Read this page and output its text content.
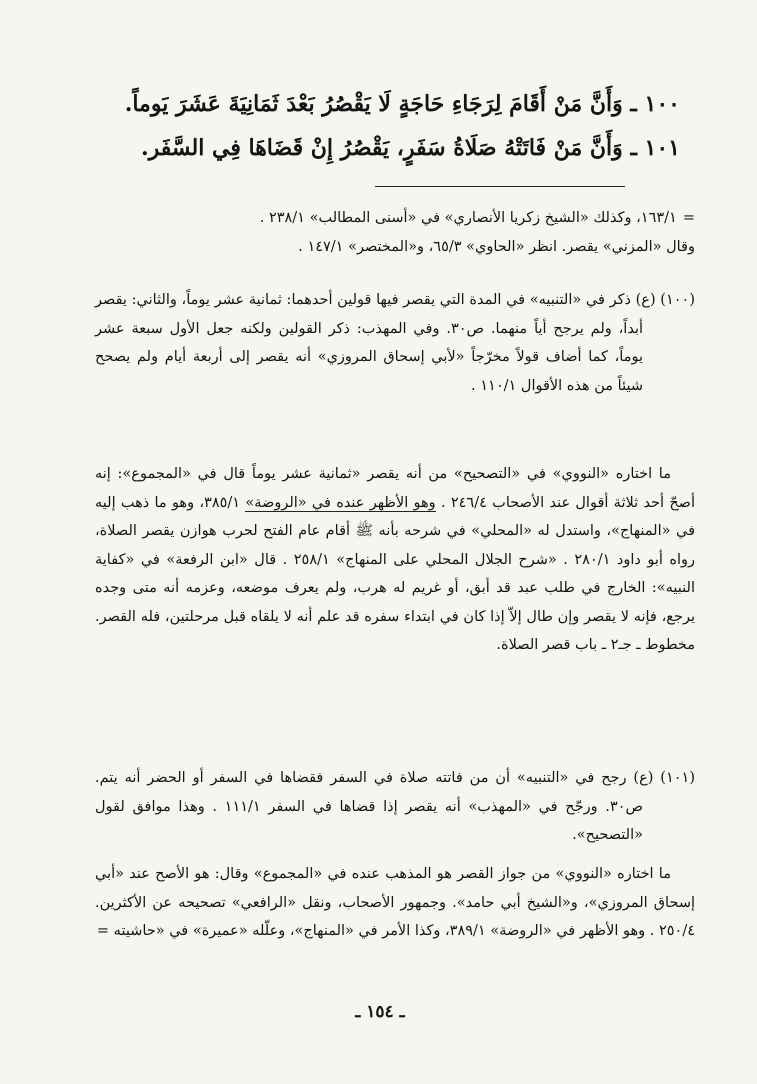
١٠٠ ـ وَأَنَّ مَنْ أَقَامَ لِرَجَاءِ حَاجَةٍ لَا يَقْصُرُ بَعْدَ ثَمَانِيَةَ عَشَرَ يَوماً.

١٠١ ـ وَأَنَّ مَنْ فَاتَتْهُ صَلَاةُ سَفَرٍ، يَقْصُرُ إِنْ قَضَاهَا فِي السَّفَر.

=١٦٣/١، وكذلك «الشيخ زكريا الأنصاري» في «أسنى المطالب» ٢٣٨/١ .

وقال «المزني» يقصر. انظر «الحاوي» ٦٥/٣، و«المختصر» ١٤٧/١ .

(١٠٠) (ع) ذكر في «التنبيه» في المدة التي يقصر فيها قولين أحدهما: ثمانية عشر يوماً، والثاني: يقصر أبداً، ولم يرجح أياً منهما. ص٣٠. وفي المهذب: ذكر القولين ولكنه جعل الأول سبعة عشر يوماً، كما أضاف قولاً مخرّجاً «لأبي إسحاق المروزي» أنه يقصر إلى أربعة أيام ولم يصحح شيئاً من هذه الأقوال ١١٠/١ .

ما اختاره «النووي» في «التصحيح» من أنه يقصر «ثمانية عشر يوماً قال في «المجموع»: إنه أصحّ أحد ثلاثة أقوال عند الأصحاب ٢٤٦/٤ . وهو الأظهر عنده في «الروضة» ٣٨٥/١، وهو ما ذهب إليه في «المنهاج»، واستدل له «المحلي» في شرحه بأنه ﷺ أقام عام الفتح لحرب هوازن يقصر الصلاة، رواه أبو داود ٢٨٠/١ . «شرح الجلال المحلي على المنهاج» ٢٥٨/١ . قال «ابن الرفعة» في «كفاية النبيه»: الخارج في طلب عبد قد أبق، أو غريم له هرب، ولم يعرف موضعه، وعزمه أنه متى وجده يرجع، فإنه لا يقصر وإن طال إلاّ إذا كان في ابتداء سفره قد علم أنه لا يلقاه قبل مرحلتين، فله القصر. مخطوط ـ جـ٢ ـ باب قصر الصلاة.

(١٠١) (ع) رجح في «التنبيه» أن من فاتته صلاة في السفر فقضاها في السفر أو الحضر أنه يتم. ص٣٠. ورجّح في «المهذب» أنه يقصر إذا قضاها في السفر ١١١/١ . وهذا موافق لقول «التصحيح».

ما اختاره «النووي» من جواز القصر هو المذهب عنده في «المجموع» وقال: هو الأصح عند «أبي إسحاق المروزي»، و«الشيخ أبي حامد». وجمهور الأصحاب، ونقل «الرافعي» تصحيحه عن الأكثرين. ٢٥٠/٤ . وهو الأظهر في «الروضة» ٣٨٩/١، وكذا الأمر في «المنهاج»، وعلّله «عميرة» في «حاشيته =

ـ ١٥٤ ـ
